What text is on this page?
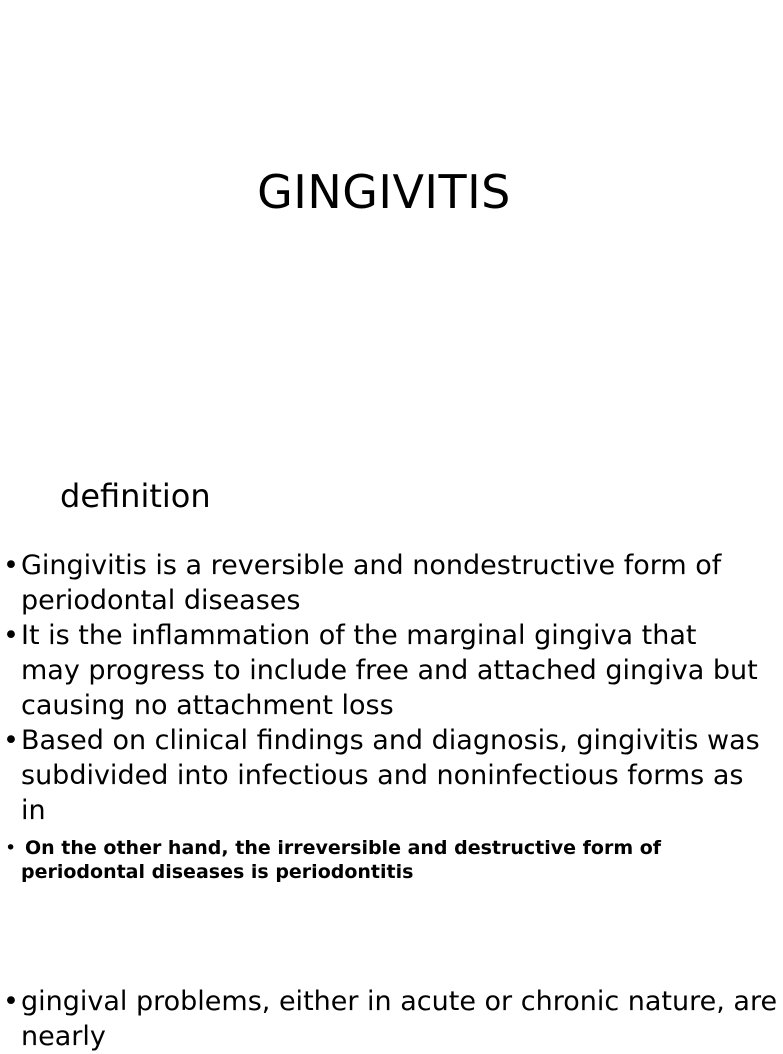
GINGIVITIS
definition
• Gingivitis is a reversible and nondestructive form of periodontal diseases
• It is the inflammation of the marginal gingiva that may progress to include free and attached gingiva but causing no attachment loss
• Based on clinical findings and diagnosis, gingivitis was subdivided into infectious and noninfectious forms as in
• On the other hand, the irreversible and destructive form of periodontal diseases is periodontitis
• gingival problems, either in acute or chronic nature, are nearly
